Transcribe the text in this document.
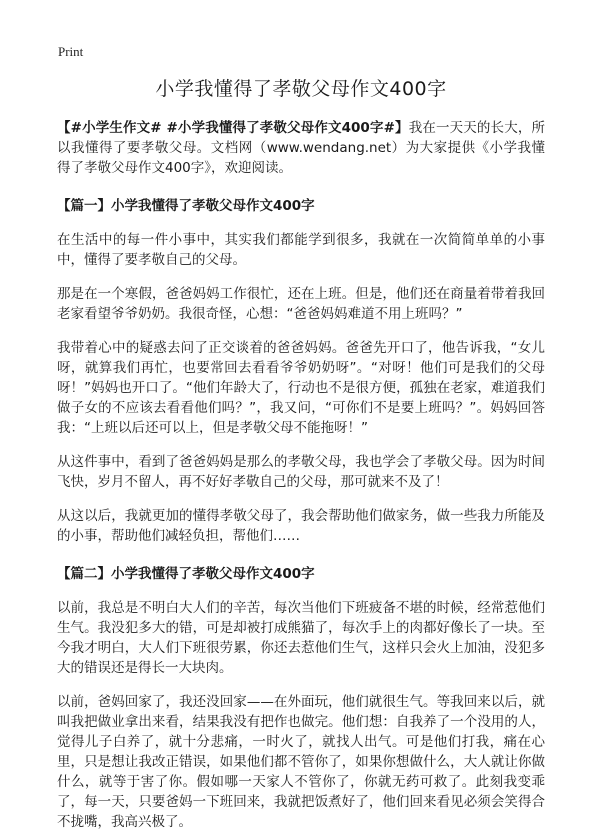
Print
小学我懂得了孝敬父母作文400字

【#小学生作文# #小学我懂得了孝敬父母作文400字#】我在一天天的长大，所以我懂得了要孝敬父母。文档网（www.wendang.net）为大家提供《小学我懂得了孝敬父母作文400字》，欢迎阅读。

【篇一】小学我懂得了孝敬父母作文400字

在生活中的每一件小事中，其实我们都能学到很多，我就在一次简简单单的小事中，懂得了要孝敬自己的父母。

那是在一个寒假，爸爸妈妈工作很忙，还在上班。但是，他们还在商量着带着我回老家看望爷爷奶奶。我很奇怪，心想：“爸爸妈妈难道不用上班吗？”

我带着心中的疑惑去问了正交谈着的爸爸妈妈。爸爸先开口了，他告诉我，“女儿呀，就算我们再忙，也要常回去看看爷爷奶奶呀”。“对呀！他们可是我们的父母呀！”妈妈也开口了。“他们年龄大了，行动也不是很方便，孤独在老家，难道我们做子女的不应该去看看他们吗？”，我又问，“可你们不是要上班吗？”。妈妈回答我：“上班以后还可以上，但是孝敬父母不能拖呀！”

从这件事中，看到了爸爸妈妈是那么的孝敬父母，我也学会了孝敬父母。因为时间飞快，岁月不留人，再不好好孝敬自己的父母，那可就来不及了！

从这以后，我就更加的懂得孝敬父母了，我会帮助他们做家务，做一些我力所能及的小事，帮助他们减轻负担，帮他们……

【篇二】小学我懂得了孝敬父母作文400字

以前，我总是不明白大人们的辛苦，每次当他们下班疲备不堪的时候，经常惹他们生气。我没犯多大的错，可是却被打成熊猫了，每次手上的肉都好像长了一块。至今我才明白，大人们下班很劳累，你还去惹他们生气，这样只会火上加油，没犯多大的错误还是得长一大块肉。

以前，爸妈回家了，我还没回家——在外面玩，他们就很生气。等我回来以后，就叫我把做业拿出来看，结果我没有把作也做完。他们想：自我养了一个没用的人，觉得儿子白养了，就十分悲痛，一时火了，就找人出气。可是他们打我，痛在心里，只是想让我改正错误，如果他们都不管你了，如果你想做什么，大人就让你做什么，就等于害了你。假如哪一天家人不管你了，你就无药可救了。此刻我变乖了，每一天，只要爸妈一下班回来，我就把饭煮好了，他们回来看见必须会笑得合不拢嘴，我高兴极了。
